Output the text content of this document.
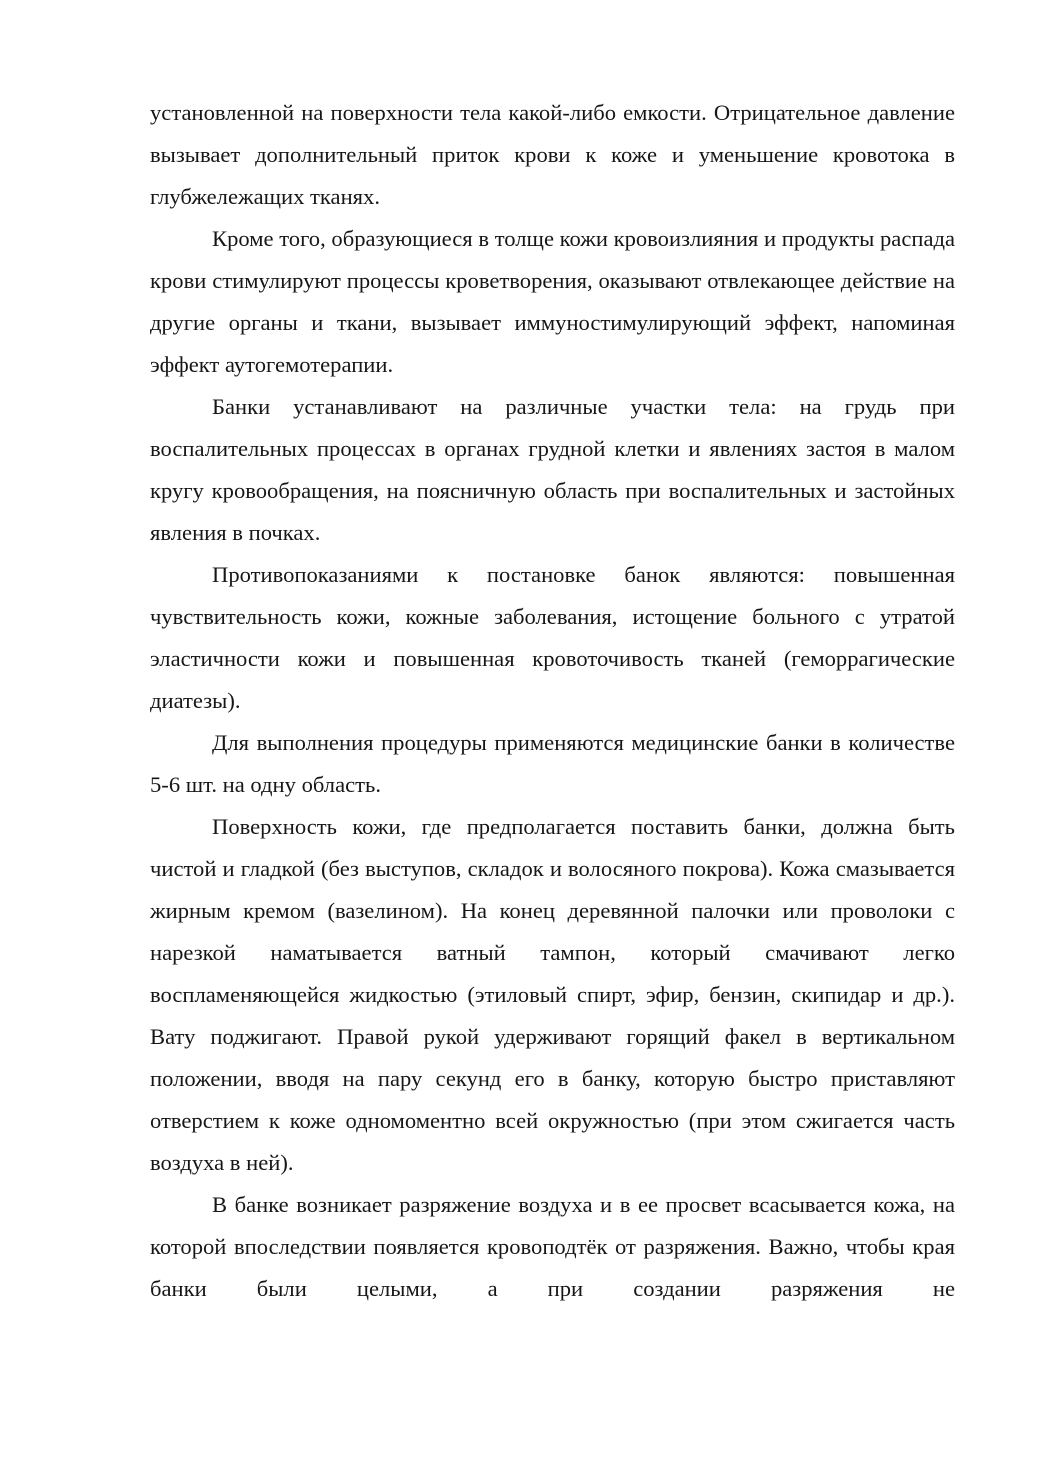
установленной на поверхности тела какой-либо емкости. Отрицательное давление вызывает дополнительный приток крови к коже и уменьшение кровотока в глубжележащих тканях.

Кроме того, образующиеся в толще кожи кровоизлияния и продукты распада крови стимулируют процессы кроветворения, оказывают отвлекающее действие на другие органы и ткани, вызывает иммуностимулирующий эффект, напоминая эффект аутогемотерапии.

Банки устанавливают на различные участки тела: на грудь при воспалительных процессах в органах грудной клетки и явлениях застоя в малом кругу кровообращения, на поясничную область при воспалительных и застойных явления в почках.

Противопоказаниями к постановке банок являются: повышенная чувствительность кожи, кожные заболевания, истощение больного с утратой эластичности кожи и повышенная кровоточивость тканей (геморрагические диатезы).

Для выполнения процедуры применяются медицинские банки в количестве 5-6 шт. на одну область.

Поверхность кожи, где предполагается поставить банки, должна быть чистой и гладкой (без выступов, складок и волосяного покрова). Кожа смазывается жирным кремом (вазелином). На конец деревянной палочки или проволоки с нарезкой наматывается ватный тампон, который смачивают легко воспламеняющейся жидкостью (этиловый спирт, эфир, бензин, скипидар и др.). Вату поджигают. Правой рукой удерживают горящий факел в вертикальном положении, вводя на пару секунд его в банку, которую быстро приставляют отверстием к коже одномоментно всей окружностью (при этом сжигается часть воздуха в ней).

В банке возникает разряжение воздуха и в ее просвет всасывается кожа, на которой впоследствии появляется кровоподтёк от разряжения. Важно, чтобы края банки были целыми, а при создании разряжения не
